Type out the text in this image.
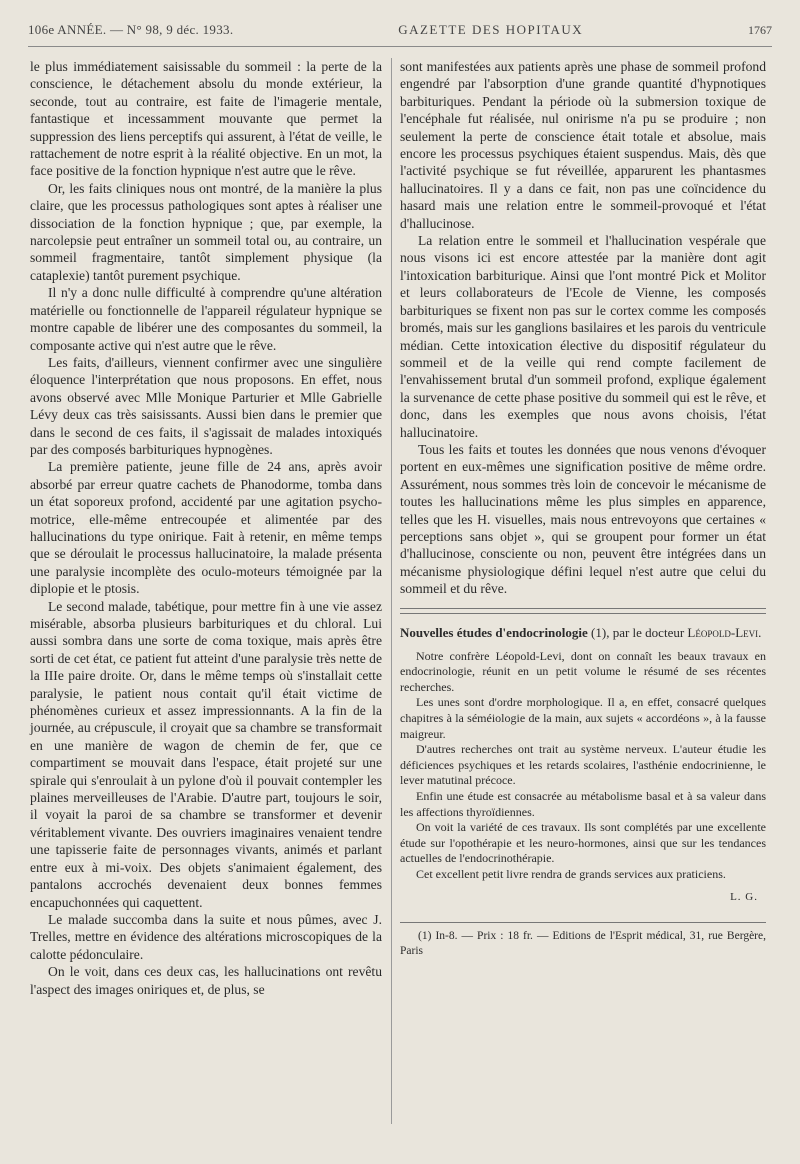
106e ANNÉE. — N° 98, 9 déc. 1933.	GAZETTE DES HOPITAUX	1767

le plus immédiatement saisissable du sommeil : la perte de la conscience, le détachement absolu du monde extérieur, la seconde, tout au contraire, est faite de l'imagerie mentale, fantastique et incessamment mouvante que permet la suppression des liens perceptifs qui assurent, à l'état de veille, le rattachement de notre esprit à la réalité objective. En un mot, la face positive de la fonction hypnique n'est autre que le rêve.

Or, les faits cliniques nous ont montré, de la manière la plus claire, que les processus pathologiques sont aptes à réaliser une dissociation de la fonction hypnique ; que, par exemple, la narcolepsie peut entraîner un sommeil total ou, au contraire, un sommeil fragmentaire, tantôt simplement physique (la cataplexie) tantôt purement psychique.

Il n'y a donc nulle difficulté à comprendre qu'une altération matérielle ou fonctionnelle de l'appareil régulateur hypnique se montre capable de libérer une des composantes du sommeil, la composante active qui n'est autre que le rêve.

Les faits, d'ailleurs, viennent confirmer avec une singulière éloquence l'interprétation que nous proposons. En effet, nous avons observé avec Mlle Monique Parturier et Mlle Gabrielle Lévy deux cas très saisissants. Aussi bien dans le premier que dans le second de ces faits, il s'agissait de malades intoxiqués par des composés barbituriques hypnogènes.

La première patiente, jeune fille de 24 ans, après avoir absorbé par erreur quatre cachets de Phanodorme, tomba dans un état soporeux profond, accidenté par une agitation psycho-motrice, elle-même entrecoupée et alimentée par des hallucinations du type onirique. Fait à retenir, en même temps que se déroulait le processus hallucinatoire, la malade présenta une paralysie incomplète des oculo-moteurs témoignée par la diplopie et le ptosis.

Le second malade, tabétique, pour mettre fin à une vie assez misérable, absorba plusieurs barbituriques et du chloral. Lui aussi sombra dans une sorte de coma toxique, mais après être sorti de cet état, ce patient fut atteint d'une paralysie très nette de la IIIe paire droite. Or, dans le même temps où s'installait cette paralysie, le patient nous contait qu'il était victime de phénomènes curieux et assez impressionnants. A la fin de la journée, au crépuscule, il croyait que sa chambre se transformait en une manière de wagon de chemin de fer, que ce compartiment se mouvait dans l'espace, était projeté sur une spirale qui s'enroulait à un pylone d'où il pouvait contempler les plaines merveilleuses de l'Arabie. D'autre part, toujours le soir, il voyait la paroi de sa chambre se transformer et devenir véritablement vivante. Des ouvriers imaginaires venaient tendre une tapisserie faite de personnages vivants, animés et parlant entre eux à mi-voix. Des objets s'animaient également, des pantalons accrochés devenaient deux bonnes femmes encapuchonnées qui caquettent.

Le malade succomba dans la suite et nous pûmes, avec J. Trelles, mettre en évidence des altérations microscopiques de la calotte pédonculaire.

On le voit, dans ces deux cas, les hallucinations ont revêtu l'aspect des images oniriques et, de plus, se

sont manifestées aux patients après une phase de sommeil profond engendré par l'absorption d'une grande quantité d'hypnotiques barbituriques. Pendant la période où la submersion toxique de l'encéphale fut réalisée, nul onirisme n'a pu se produire ; non seulement la perte de conscience était totale et absolue, mais encore les processus psychiques étaient suspendus. Mais, dès que l'activité psychique se fut réveillée, apparurent les phantasmes hallucinatoires. Il y a dans ce fait, non pas une coïncidence du hasard mais une relation entre le sommeil-provoqué et l'état d'hallucinose.

La relation entre le sommeil et l'hallucination vespérale que nous visons ici est encore attestée par la manière dont agit l'intoxication barbiturique. Ainsi que l'ont montré Pick et Molitor et leurs collaborateurs de l'Ecole de Vienne, les composés barbituriques se fixent non pas sur le cortex comme les composés bromés, mais sur les ganglions basilaires et les parois du ventricule médian. Cette intoxication élective du dispositif régulateur du sommeil et de la veille qui rend compte facilement de l'envahissement brutal d'un sommeil profond, explique également la survenance de cette phase positive du sommeil qui est le rêve, et donc, dans les exemples que nous avons choisis, l'état hallucinatoire.

Tous les faits et toutes les données que nous venons d'évoquer portent en eux-mêmes une signification positive de même ordre. Assurément, nous sommes très loin de concevoir le mécanisme de toutes les hallucinations même les plus simples en apparence, telles que les H. visuelles, mais nous entrevoyons que certaines « perceptions sans objet », qui se groupent pour former un état d'hallucinose, consciente ou non, peuvent être intégrées dans un mécanisme physiologique défini lequel n'est autre que celui du sommeil et du rêve.

Nouvelles études d'endocrinologie (1), par le docteur Léopold-Levi.

Notre confrère Léopold-Levi, dont on connaît les beaux travaux en endocrinologie, réunit en un petit volume le résumé de ses récentes recherches.

Les unes sont d'ordre morphologique. Il a, en effet, consacré quelques chapitres à la séméiologie de la main, aux sujets « accordéons », à la fausse maigreur.

D'autres recherches ont trait au système nerveux. L'auteur étudie les déficiences psychiques et les retards scolaires, l'asthénie endocrinienne, le lever matutinal précoce.

Enfin une étude est consacrée au métabolisme basal et à sa valeur dans les affections thyroïdiennes.

On voit la variété de ces travaux. Ils sont complétés par une excellente étude sur l'opothérapie et les neuro-hormones, ainsi que sur les tendances actuelles de l'endocrinothérapie.

Cet excellent petit livre rendra de grands services aux praticiens.

L. G.

(1) In-8. — Prix : 18 fr. — Editions de l'Esprit médical, 31, rue Bergère, Paris
